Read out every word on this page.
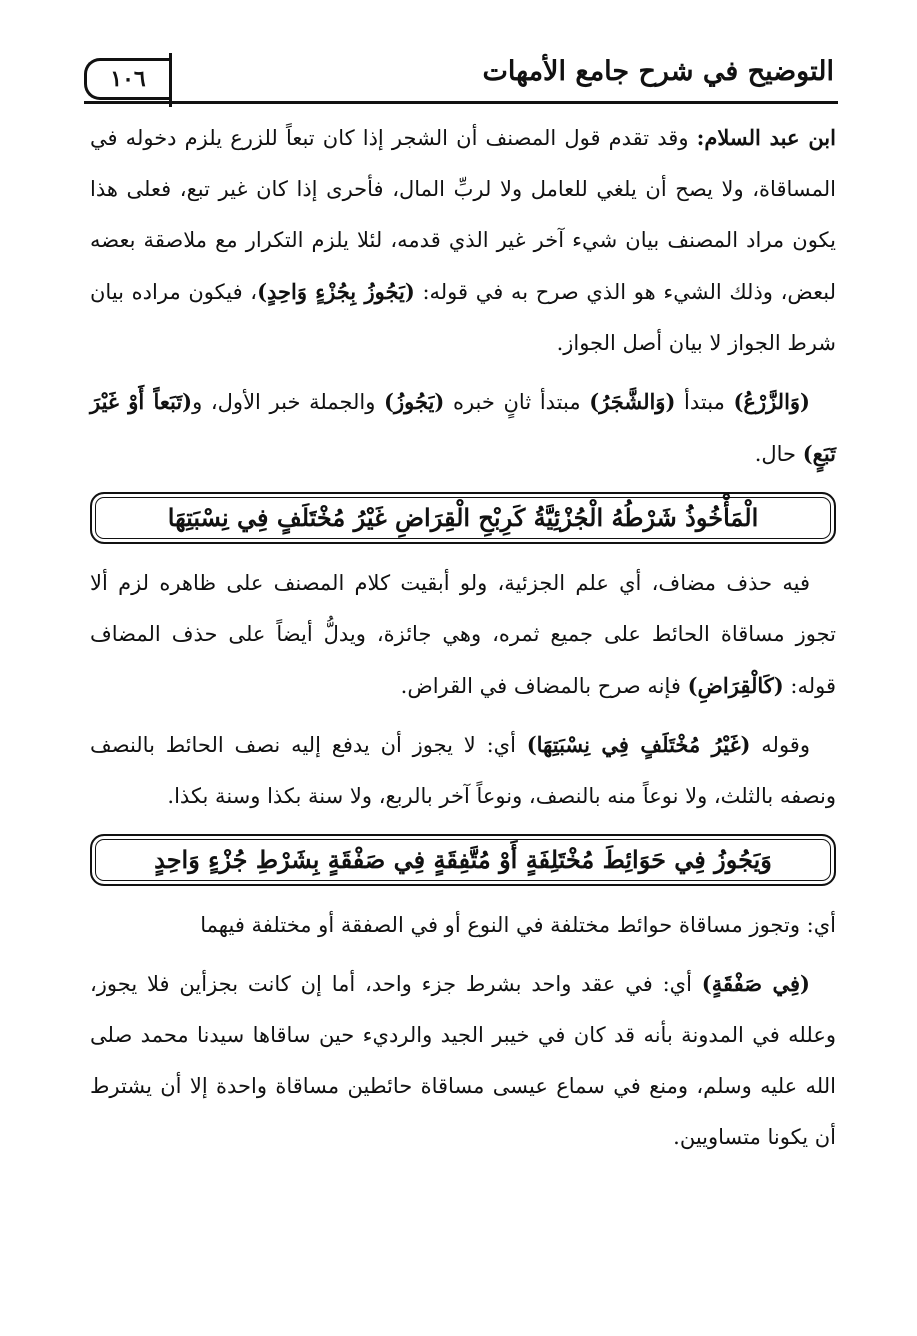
١٠٦	التوضيح في شرح جامع الأمهات

ابن عبد السلام: وقد تقدم قول المصنف أن الشجر إذا كان تبعاً للزرع يلزم دخوله في المساقاة، ولا يصح أن يلغي للعامل ولا لربِّ المال، فأحرى إذا كان غير تبع، فعلى هذا يكون مراد المصنف بيان شيء آخر غير الذي قدمه، لئلا يلزم التكرار مع ملاصقة بعضه لبعض، وذلك الشيء هو الذي صرح به في قوله: (يَجُوزُ بِجُزْءٍ وَاحِدٍ)، فيكون مراده بيان شرط الجواز لا بيان أصل الجواز.

(وَالزَّرْعُ) مبتدأ (وَالشَّجَرُ) مبتدأ ثانٍ خبره (يَجُوزُ) والجملة خبر الأول، و(تَبَعاً أَوْ غَيْرَ تَبَعٍ) حال.

الْمَأْخُوذُ شَرْطُهُ الْجُزْئِيَّةُ كَرِبْحِ الْقِرَاضِ غَيْرُ مُخْتَلَفٍ فِي نِسْبَتِهَا

فيه حذف مضاف، أي علم الجزئية، ولو أبقيت كلام المصنف على ظاهره لزم ألا تجوز مساقاة الحائط على جميع ثمره، وهي جائزة، ويدلُّ أيضاً على حذف المضاف قوله: (كَالْقِرَاضِ) فإنه صرح بالمضاف في القراض.

وقوله (غَيْرُ مُخْتَلَفٍ فِي نِسْبَتِهَا) أي: لا يجوز أن يدفع إليه نصف الحائط بالنصف ونصفه بالثلث، ولا نوعاً منه بالنصف، ونوعاً آخر بالربع، ولا سنة بكذا وسنة بكذا.

وَيَجُوزُ فِي حَوَائِطَ مُخْتَلِفَةٍ أَوْ مُتَّفِقَةٍ فِي صَفْقَةٍ بِشَرْطِ جُزْءٍ وَاحِدٍ

أي: وتجوز مساقاة حوائط مختلفة في النوع أو في الصفقة أو مختلفة فيهما

(فِي صَفْقَةٍ) أي: في عقد واحد بشرط جزء واحد، أما إن كانت بجزأين فلا يجوز، وعلله في المدونة بأنه قد كان في خيبر الجيد والرديء حين ساقاها سيدنا محمد صلى الله عليه وسلم، ومنع في سماع عيسى مساقاة حائطين مساقاة واحدة إلا أن يشترط أن يكونا متساويين.
